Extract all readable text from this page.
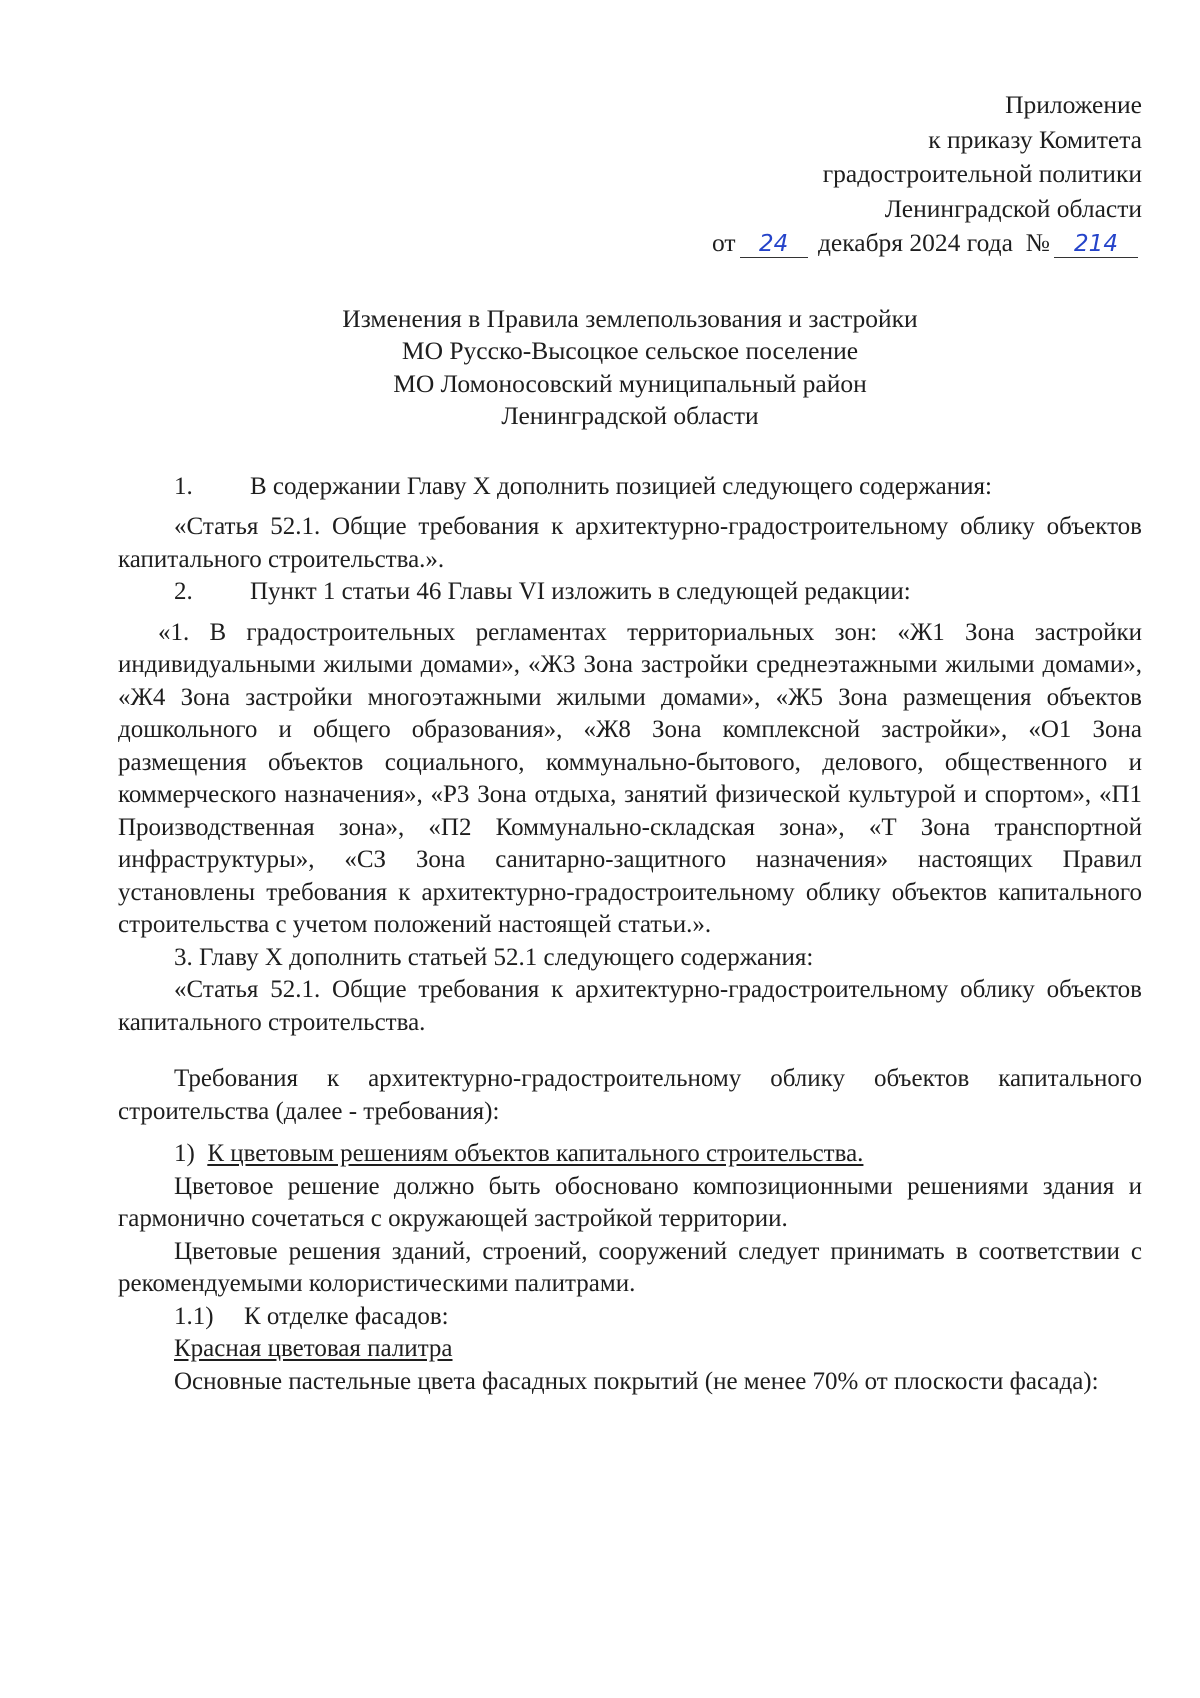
Приложение
к приказу Комитета
градостроительной политики
Ленинградской области
от 24 декабря 2024 года № 214
Изменения в Правила землепользования и застройки
МО Русско-Высоцкое сельское поселение
МО Ломоносовский муниципальный район
Ленинградской области
1.	В содержании Главу X дополнить позицией следующего содержания:

«Статья 52.1. Общие требования к архитектурно-градостроительному облику объектов капитального строительства.».

2.	Пункт 1 статьи 46 Главы VI изложить в следующей редакции:

«1. В градостроительных регламентах территориальных зон: «Ж1 Зона застройки индивидуальными жилыми домами», «Ж3 Зона застройки среднеэтажными жилыми домами», «Ж4 Зона застройки многоэтажными жилыми домами», «Ж5 Зона размещения объектов дошкольного и общего образования», «Ж8 Зона комплексной застройки», «О1 Зона размещения объектов социального, коммунально-бытового, делового, общественного и коммерческого назначения», «Р3 Зона отдыха, занятий физической культурой и спортом», «П1 Производственная зона», «П2 Коммунально-складская зона», «Т Зона транспортной инфраструктуры», «СЗ Зона санитарно-защитного назначения» настоящих Правил установлены требования к архитектурно-градостроительному облику объектов капитального строительства с учетом положений настоящей статьи.».

3. Главу X дополнить статьей 52.1 следующего содержания:

«Статья 52.1. Общие требования к архитектурно-градостроительному облику объектов капитального строительства.

Требования к архитектурно-градостроительному облику объектов капитального строительства (далее - требования):

1) К цветовым решениям объектов капитального строительства.

Цветовое решение должно быть обосновано композиционными решениями здания и гармонично сочетаться с окружающей застройкой территории.

Цветовые решения зданий, строений, сооружений следует принимать в соответствии с рекомендуемыми колористическими палитрами.

1.1)	К отделке фасадов:

Красная цветовая палитра

Основные пастельные цвета фасадных покрытий (не менее 70% от плоскости фасада):
